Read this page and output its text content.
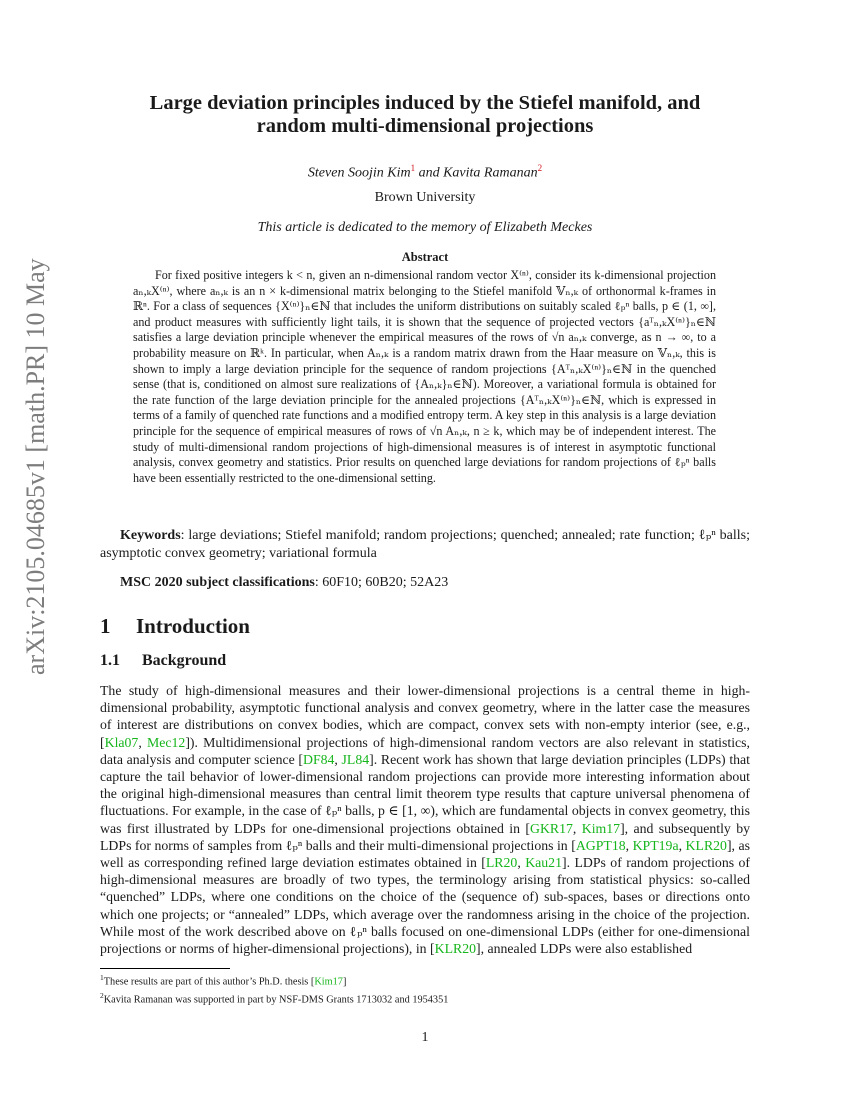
arXiv:2105.04685v1 [math.PR] 10 May 2021
Large deviation principles induced by the Stiefel manifold, and
random multi-dimensional projections
Steven Soojin Kim$^1$ and Kavita Ramanan$^2$
Brown University
This article is dedicated to the memory of Elizabeth Meckes
Abstract
For fixed positive integers k < n, given an n-dimensional random vector X⁽ⁿ⁾, consider its k-dimensional projection aₙ,ₖX⁽ⁿ⁾, where aₙ,ₖ is an n × k-dimensional matrix belonging to the Stiefel manifold 𝕍ₙ,ₖ of orthonormal k-frames in ℝⁿ. For a class of sequences {X⁽ⁿ⁾}ₙ∈ℕ that includes the uniform distributions on suitably scaled ℓₚⁿ balls, p ∈ (1, ∞], and product measures with sufficiently light tails, it is shown that the sequence of projected vectors {aᵀₙ,ₖX⁽ⁿ⁾}ₙ∈ℕ satisfies a large deviation principle whenever the empirical measures of the rows of √n aₙ,ₖ converge, as n → ∞, to a probability measure on ℝᵏ. In particular, when Aₙ,ₖ is a random matrix drawn from the Haar measure on 𝕍ₙ,ₖ, this is shown to imply a large deviation principle for the sequence of random projections {Aᵀₙ,ₖX⁽ⁿ⁾}ₙ∈ℕ in the quenched sense (that is, conditioned on almost sure realizations of {Aₙ,ₖ}ₙ∈ℕ). Moreover, a variational formula is obtained for the rate function of the large deviation principle for the annealed projections {Aᵀₙ,ₖX⁽ⁿ⁾}ₙ∈ℕ, which is expressed in terms of a family of quenched rate functions and a modified entropy term. A key step in this analysis is a large deviation principle for the sequence of empirical measures of rows of √n Aₙ,ₖ, n ≥ k, which may be of independent interest. The study of multi-dimensional random projections of high-dimensional measures is of interest in asymptotic functional analysis, convex geometry and statistics. Prior results on quenched large deviations for random projections of ℓₚⁿ balls have been essentially restricted to the one-dimensional setting.
Keywords: large deviations; Stiefel manifold; random projections; quenched; annealed; rate function; ℓₚⁿ balls; asymptotic convex geometry; variational formula
MSC 2020 subject classifications: 60F10; 60B20; 52A23
1 Introduction
1.1 Background
The study of high-dimensional measures and their lower-dimensional projections is a central theme in high-dimensional probability, asymptotic functional analysis and convex geometry, where in the latter case the measures of interest are distributions on convex bodies, which are compact, convex sets with non-empty interior (see, e.g., [Kla07, Mec12]). Multidimensional projections of high-dimensional random vectors are also relevant in statistics, data analysis and computer science [DF84, JL84]. Recent work has shown that large deviation principles (LDPs) that capture the tail behavior of lower-dimensional random projections can provide more interesting information about the original high-dimensional measures than central limit theorem type results that capture universal phenomena of fluctuations. For example, in the case of ℓₚⁿ balls, p ∈ [1, ∞), which are fundamental objects in convex geometry, this was first illustrated by LDPs for one-dimensional projections obtained in [GKR17, Kim17], and subsequently by LDPs for norms of samples from ℓₚⁿ balls and their multi-dimensional projections in [AGPT18, KPT19a, KLR20], as well as corresponding refined large deviation estimates obtained in [LR20, Kau21]. LDPs of random projections of high-dimensional measures are broadly of two types, the terminology arising from statistical physics: so-called “quenched” LDPs, where one conditions on the choice of the (sequence of) sub-spaces, bases or directions onto which one projects; or “annealed” LDPs, which average over the randomness arising in the choice of the projection. While most of the work described above on ℓₚⁿ balls focused on one-dimensional LDPs (either for one-dimensional projections or norms of higher-dimensional projections), in [KLR20], annealed LDPs were also established
$^1$These results are part of this author’s Ph.D. thesis [Kim17]
$^2$Kavita Ramanan was supported in part by NSF-DMS Grants 1713032 and 1954351
1
